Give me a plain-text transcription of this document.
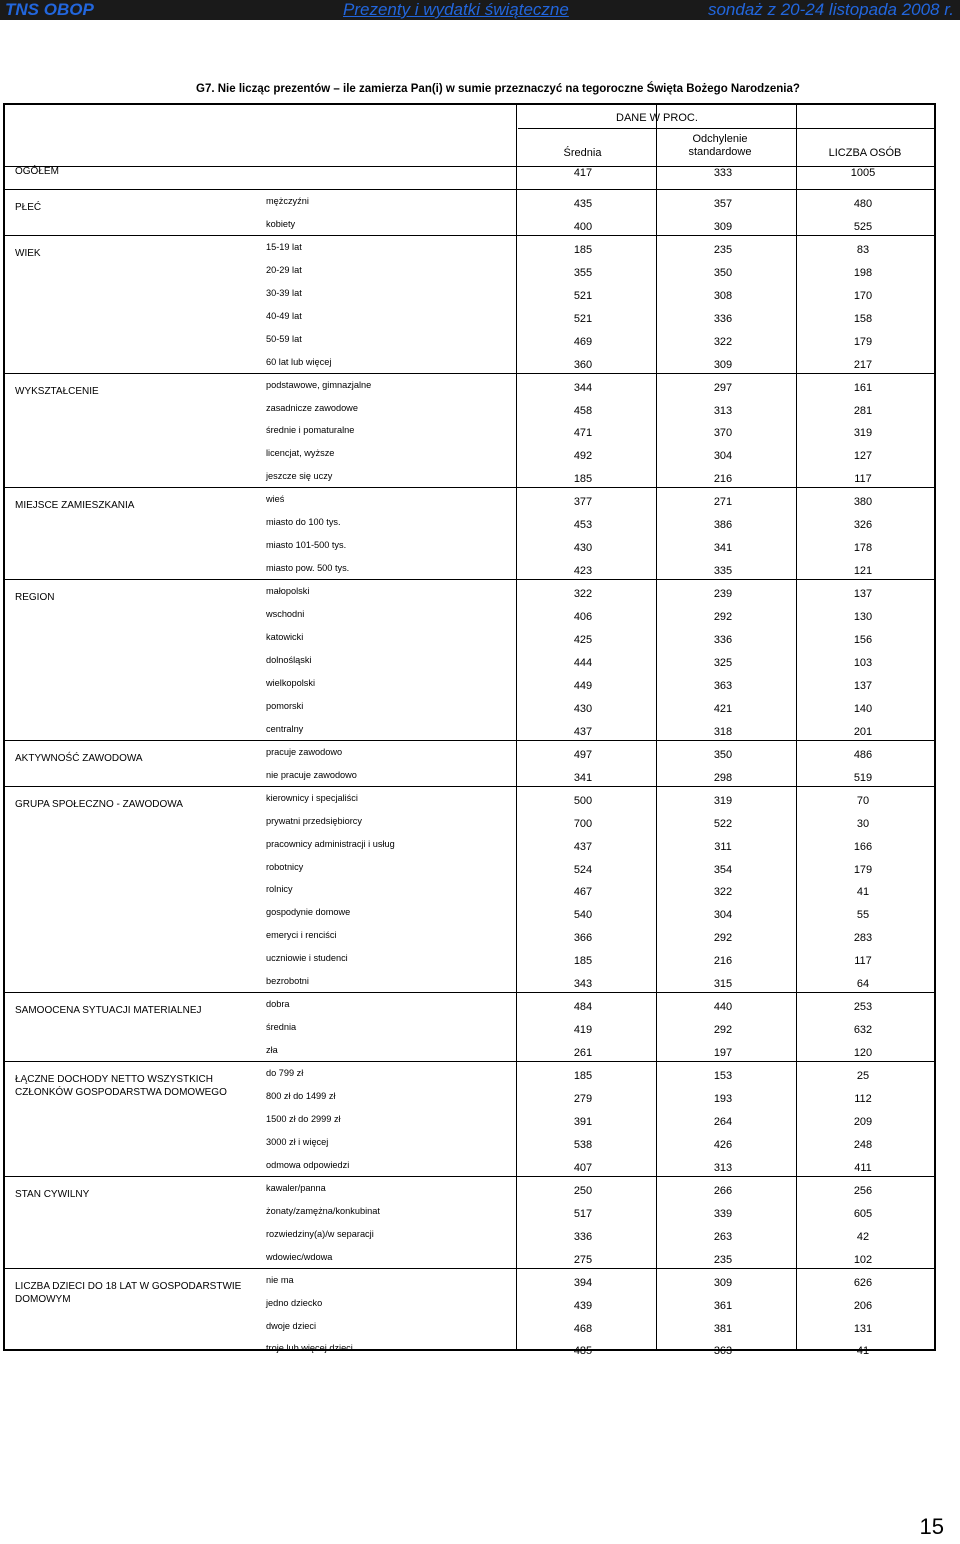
TNS OBOP	Prezenty i wydatki świąteczne	sondaż z 20-24 listopada 2008 r.
G7. Nie licząc prezentów – ile zamierza Pan(i) w sumie przeznaczyć na tegoroczne Święta Bożego Narodzenia?
DANE W PROC.
Średnia
Odchylenie standardowe	LICZBA OSÓB
OGÓŁEM	417	333	1005
PŁEĆ
mężczyźni	435	357	480
kobiety	400	309	525
WIEK
15-19 lat	185	235	83
20-29 lat	355	350	198
30-39 lat	521	308	170
40-49 lat	521	336	158
50-59 lat	469	322	179
60 lat lub więcej	360	309	217
WYKSZTAŁCENIE
podstawowe, gimnazjalne	344	297	161
zasadnicze zawodowe	458	313	281
średnie i pomaturalne	471	370	319
licencjat, wyższe	492	304	127
jeszcze się uczy	185	216	117
MIEJSCE ZAMIESZKANIA
wieś	377	271	380
miasto do 100 tys.	453	386	326
miasto 101-500 tys.	430	341	178
miasto pow. 500 tys.	423	335	121
REGION
małopolski	322	239	137
wschodni	406	292	130
katowicki	425	336	156
dolnośląski	444	325	103
wielkopolski	449	363	137
pomorski	430	421	140
centralny	437	318	201
AKTYWNOŚĆ ZAWODOWA
pracuje zawodowo	497	350	486
nie pracuje zawodowo	341	298	519
GRUPA SPOŁECZNO - ZAWODOWA
kierownicy i specjaliści	500	319	70
prywatni przedsiębiorcy	700	522	30
pracownicy administracji i usług	437	311	166
robotnicy	524	354	179
rolnicy	467	322	41
gospodynie domowe	540	304	55
emeryci i renciści	366	292	283
uczniowie i studenci	185	216	117
bezrobotni	343	315	64
SAMOOCENA SYTUACJI MATERIALNEJ
dobra	484	440	253
średnia	419	292	632
zła	261	197	120
ŁĄCZNE DOCHODY NETTO WSZYSTKICH CZŁONKÓW GOSPODARSTWA DOMOWEGO
do 799 zł	185	153	25
800 zł do 1499 zł	279	193	112
1500 zł do 2999 zł	391	264	209
3000 zł i więcej	538	426	248
odmowa odpowiedzi	407	313	411
STAN CYWILNY
kawaler/panna	250	266	256
żonaty/zamężna/konkubinat	517	339	605
rozwiedziny(a)/w separacji	336	263	42
wdowiec/wdowa	275	235	102
LICZBA DZIECI DO 18 LAT W GOSPODARSTWIE DOMOWYM
nie ma	394	309	626
jedno dziecko	439	361	206
dwoje dzieci	468	381	131
troje lub więcej dzieci	485	363	41
15
